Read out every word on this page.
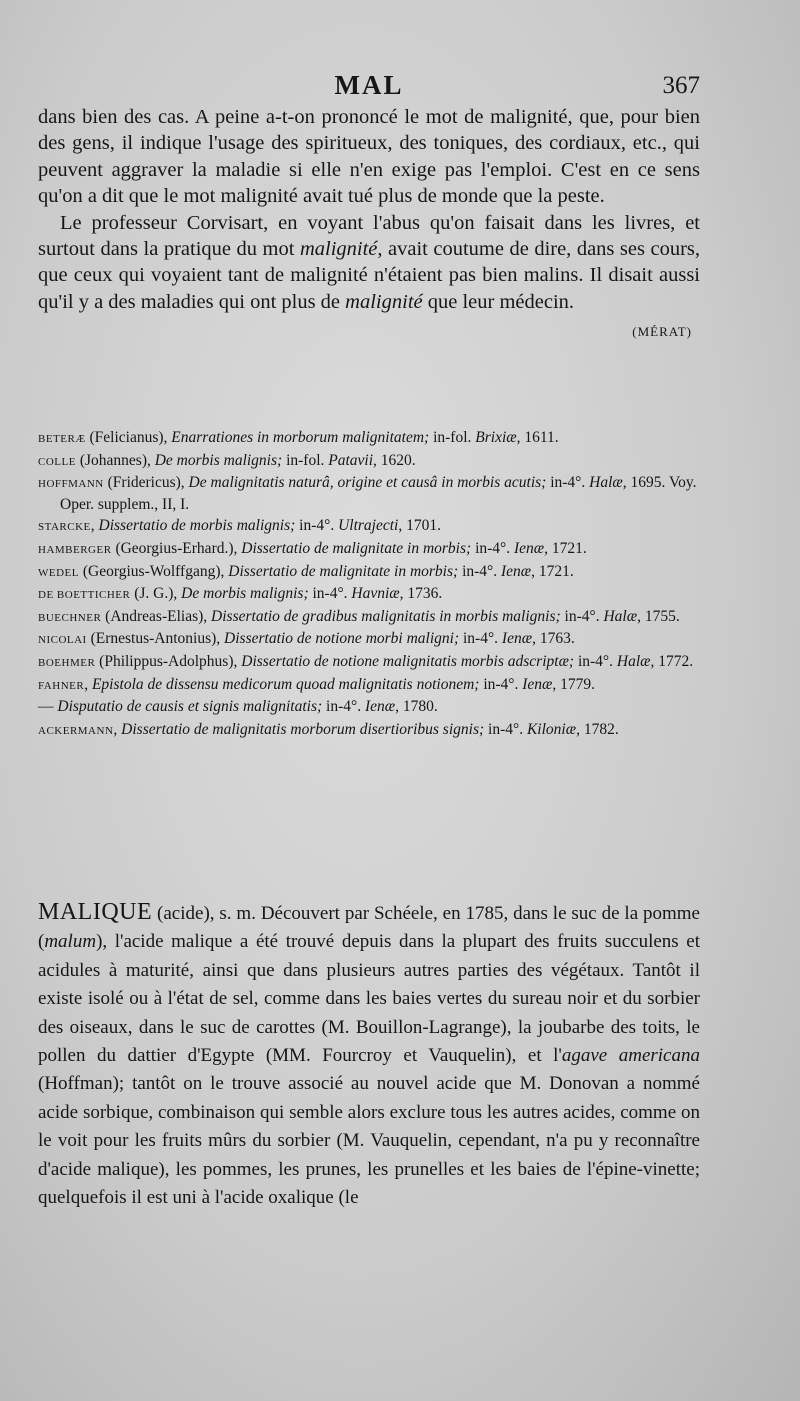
MAL	367

dans bien des cas. A peine a-t-on prononcé le mot de malignité, que, pour bien des gens, il indique l'usage des spiritueux, des toniques, des cordiaux, etc., qui peuvent aggraver la maladie si elle n'en exige pas l'emploi. C'est en ce sens qu'on a dit que le mot malignité avait tué plus de monde que la peste.

Le professeur Corvisart, en voyant l'abus qu'on faisait dans les livres, et surtout dans la pratique du mot malignité, avait coutume de dire, dans ses cours, que ceux qui voyaient tant de malignité n'étaient pas bien malins. Il disait aussi qu'il y a des maladies qui ont plus de malignité que leur médecin.

(MÉRAT)
BETERÆ (Felicianus), Enarrationes in morborum malignitatem; in-fol. Brixiæ, 1611.
COLLE (Johannes), De morbis malignis; in-fol. Patavii, 1620.
HOFFMANN (Fridericus), De malignitatis naturâ, origine et causâ in morbis acutis; in-4°. Halæ, 1695. Voy. Oper. supplem., II, I.
STARCKE, Dissertatio de morbis malignis; in-4°. Ultrajecti, 1701.
HAMBERGER (Georgius-Erhard.), Dissertatio de malignitate in morbis; in-4°. Ienæ, 1721.
WEDEL (Georgius-Wolffgang), Dissertatio de malignitate in morbis; in-4°. Ienæ, 1721.
DE BOETTICHER (J. G.), De morbis malignis; in-4°. Havniæ, 1736.
BUECHNER (Andreas-Elias), Dissertatio de gradibus malignitatis in morbis malignis; in-4°. Halæ, 1755.
NICOLAI (Ernestus-Antonius), Dissertatio de notione morbi maligni; in-4°. Ienæ, 1763.
BOEHMER (Philippus-Adolphus), Dissertatio de notione malignitatis morbis adscriptæ; in-4°. Halæ, 1772.
FAHNER, Epistola de dissensu medicorum quoad malignitatis notionem; in-4°. Ienæ, 1779.
— Disputatio de causis et signis malignitatis; in-4°. Ienæ, 1780.
ACKERMANN, Dissertatio de malignitatis morborum disertioribus signis; in-4°. Kiloniæ, 1782.

MALIQUE (acide), s. m. Découvert par Schéele, en 1785, dans le suc de la pomme (malum), l'acide malique a été trouvé depuis dans la plupart des fruits succulens et acidules à maturité, ainsi que dans plusieurs autres parties des végétaux. Tantôt il existe isolé ou à l'état de sel, comme dans les baies vertes du sureau noir et du sorbier des oiseaux, dans le suc de carottes (M. Bouillon-Lagrange), la joubarbe des toits, le pollen du dattier d'Egypte (MM. Fourcroy et Vauquelin), et l'agave americana (Hoffman); tantôt on le trouve associé au nouvel acide que M. Donovan a nommé acide sorbique, combinaison qui semble alors exclure tous les autres acides, comme on le voit pour les fruits mûrs du sorbier (M. Vauquelin, cependant, n'a pu y reconnaître d'acide malique), les pommes, les prunes, les prunelles et les baies de l'épine-vinette; quelquefois il est uni à l'acide oxalique (le
